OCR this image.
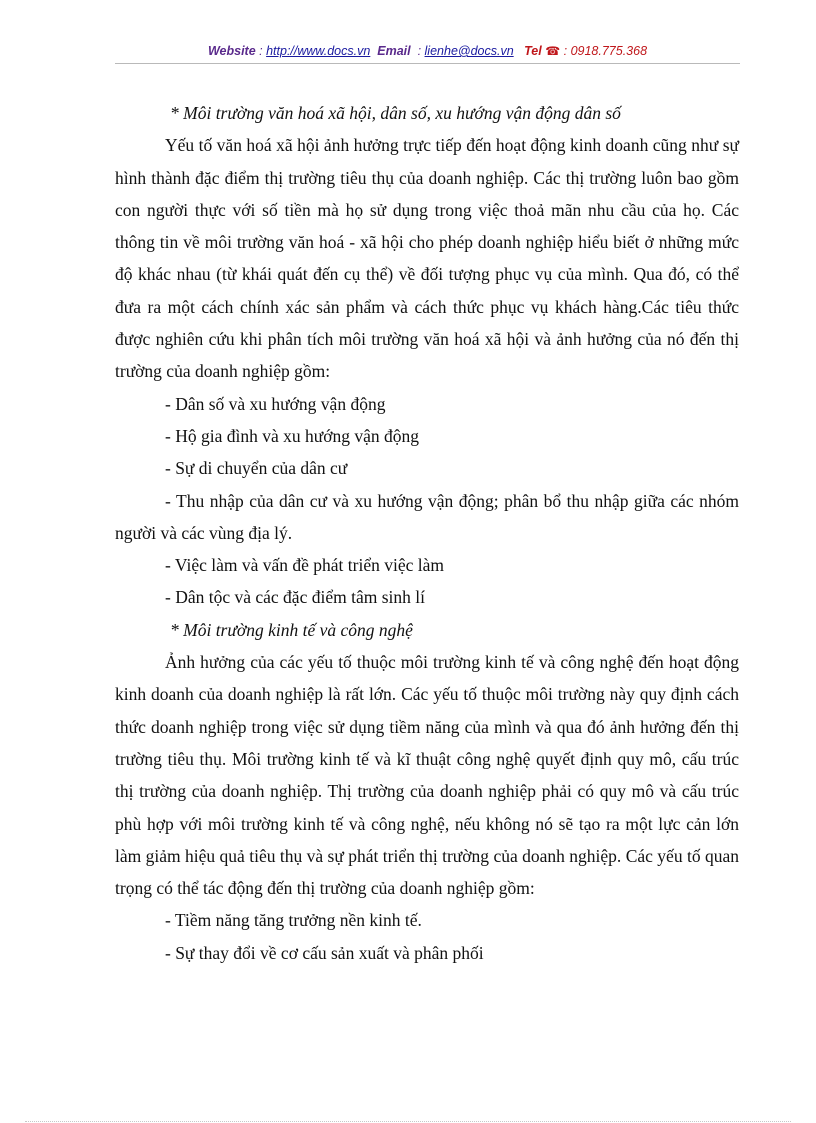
Website : http://www.docs.vn Email  : lienhe@docs.vn Tel ☎ : 0918.775.368

* Môi trường văn hoá xã hội, dân số, xu hướng vận động dân số

Yếu tố văn hoá xã hội ảnh hưởng trực tiếp đến hoạt động kinh doanh cũng như sự hình thành đặc điểm thị trường tiêu thụ của doanh nghiệp. Các thị trường luôn bao gồm con người thực với số tiền mà họ sử dụng trong việc thoả mãn nhu cầu của họ. Các thông tin về môi trường văn hoá - xã hội cho phép doanh nghiệp hiểu biết ở những mức độ khác nhau (từ khái quát đến cụ thể) về đối tượng phục vụ của mình. Qua đó, có thể đưa ra một cách chính xác sản phẩm và cách thức phục vụ khách hàng.Các tiêu thức được nghiên cứu khi phân tích môi trường văn hoá xã hội và ảnh hưởng của nó đến thị trường của doanh nghiệp gồm:

- Dân số và xu hướng vận động

- Hộ gia đình và xu hướng vận động

- Sự di chuyển của dân cư

- Thu nhập của dân cư và xu hướng vận động; phân bổ thu nhập giữa các nhóm người và các vùng địa lý.

- Việc làm và vấn đề phát triển việc làm

- Dân tộc và các đặc điểm tâm sinh lí

* Môi trường kinh tế và công nghệ

Ảnh hưởng của các yếu tố thuộc môi trường kinh tế và công nghệ đến hoạt động kinh doanh của doanh nghiệp là rất lớn. Các yếu tố thuộc môi trường này quy định cách thức doanh nghiệp trong việc sử dụng tiềm năng của mình và qua đó ảnh hưởng đến thị trường tiêu thụ. Môi trường kinh tế và kĩ thuật công nghệ quyết định quy mô, cấu trúc thị trường của doanh nghiệp. Thị trường của doanh nghiệp phải có quy mô và cấu trúc phù hợp với môi trường kinh tế và công nghệ, nếu không nó sẽ tạo ra một lực cản lớn làm giảm hiệu quả tiêu thụ và sự phát triển thị trường của doanh nghiệp. Các yếu tố quan trọng có thể tác động đến thị trường của doanh nghiệp gồm:

- Tiềm năng tăng trưởng nền kinh tế.

- Sự thay đổi về cơ cấu sản xuất và phân phối
